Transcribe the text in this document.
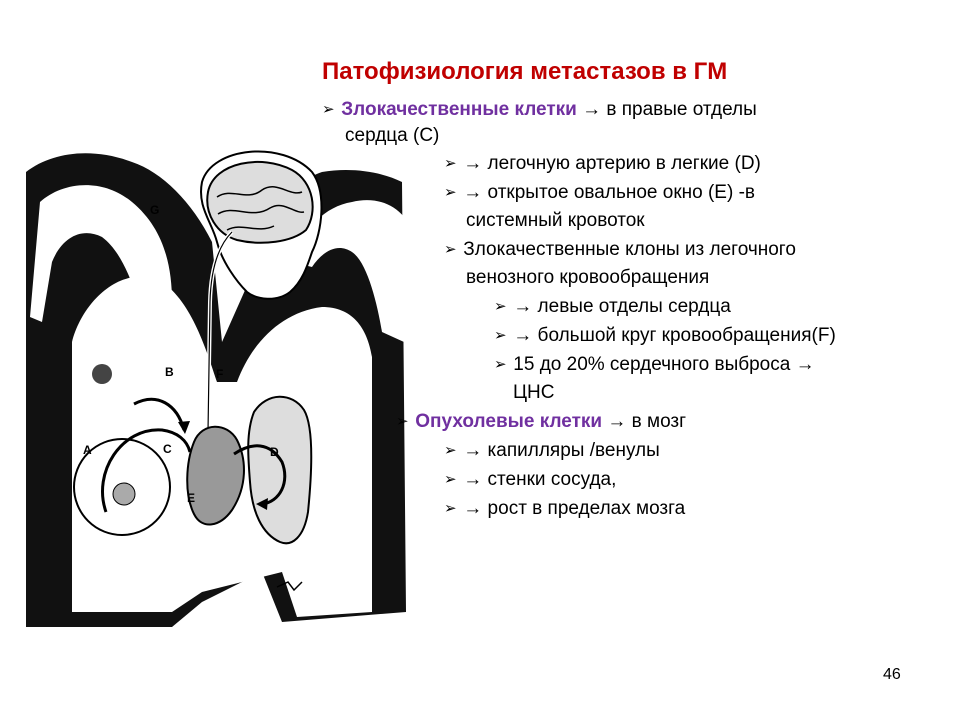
G
B	F
A	C	D
E
Патофизиология метастазов в ГМ
➢ Злокачественные клетки → в правые отделы
сердца (C)
➢ → легочную артерию в легкие (D)
➢ → открытое овальное окно (E) -в
системный кровоток
➢ Злокачественные клоны из легочного
венозного кровообращения
➢ → левые отделы сердца
➢ → большой круг кровообращения(F)
➢ 15 до 20% сердечного выброса →
ЦНС
➢ Опухолевые клетки → в мозг
➢ → капилляры /венулы
➢ → стенки сосуда,
➢ → рост в пределах мозга
46
